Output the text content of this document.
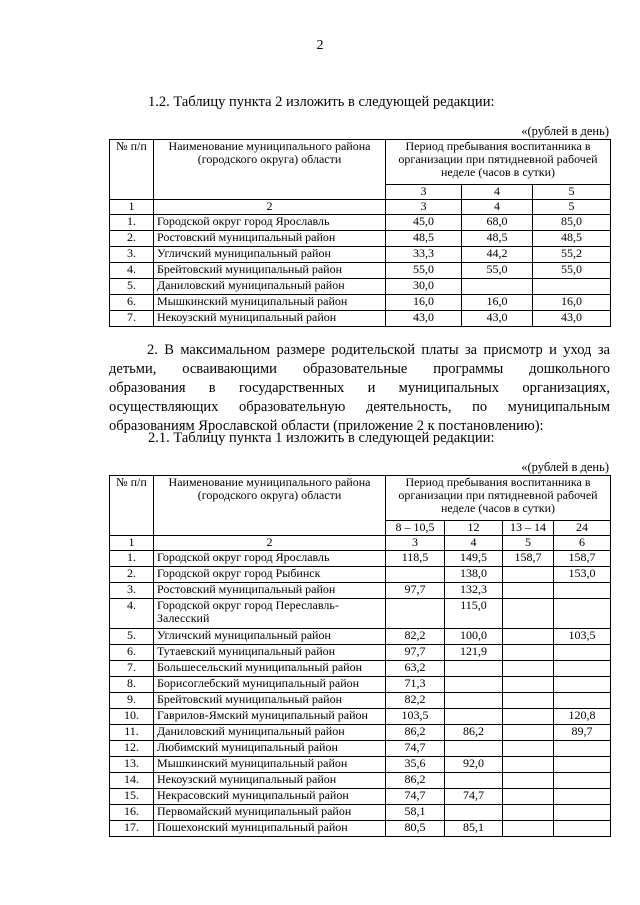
2
1.2. Таблицу пункта 2 изложить в следующей редакции:
«(рублей в день)
№ п/п	Наименование муниципального района (городского округа) области	Период пребывания воспитанника в организации при пятидневной рабочей неделе (часов в сутки)		
		3	4	5
1	2	3	4	5
1.	Городской округ город Ярославль	45,0	68,0	85,0
2.	Ростовский муниципальный район	48,5	48,5	48,5
3.	Угличский муниципальный район	33,3	44,2	55,2
4.	Брейтовский муниципальный район	55,0	55,0	55,0
5.	Даниловский муниципальный район	30,0		
6.	Мышкинский муниципальный район	16,0	16,0	16,0
7.	Некоузский муниципальный район	43,0	43,0	43,0
2. В максимальном размере родительской платы за присмотр и уход за
детьми, осваивающими образовательные программы дошкольного
образования в государственных и муниципальных организациях,
осуществляющих образовательную деятельность, по муниципальным
образованиям Ярославской области (приложение 2 к постановлению):
2.1. Таблицу пункта 1 изложить в следующей редакции:
«(рублей в день)
№ п/п	Наименование муниципального района (городского округа) области	Период пребывания воспитанника в организации при пятидневной рабочей неделе (часов в сутки)			
		8 – 10,5	12	13 – 14	24
1	2	3	4	5	6
1.	Городской округ город Ярославль	118,5	149,5	158,7	158,7
2.	Городской округ город Рыбинск		138,0		153,0
3.	Ростовский муниципальный район	97,7	132,3		
4.	Городской округ город Переславль-Залесский		115,0		
5.	Угличский муниципальный район	82,2	100,0		103,5
6.	Тутаевский муниципальный район	97,7	121,9		
7.	Большесельский муниципальный район	63,2			
8.	Борисоглебский муниципальный район	71,3			
9.	Брейтовский муниципальный район	82,2			
10.	Гаврилов-Ямский муниципальный район	103,5			120,8
11.	Даниловский муниципальный район	86,2	86,2		89,7
12.	Любимский муниципальный район	74,7			
13.	Мышкинский муниципальный район	35,6	92,0		
14.	Некоузский муниципальный район	86,2			
15.	Некрасовский муниципальный район	74,7	74,7		
16.	Первомайский муниципальный район	58,1			
17.	Пошехонский муниципальный район	80,5	85,1		
